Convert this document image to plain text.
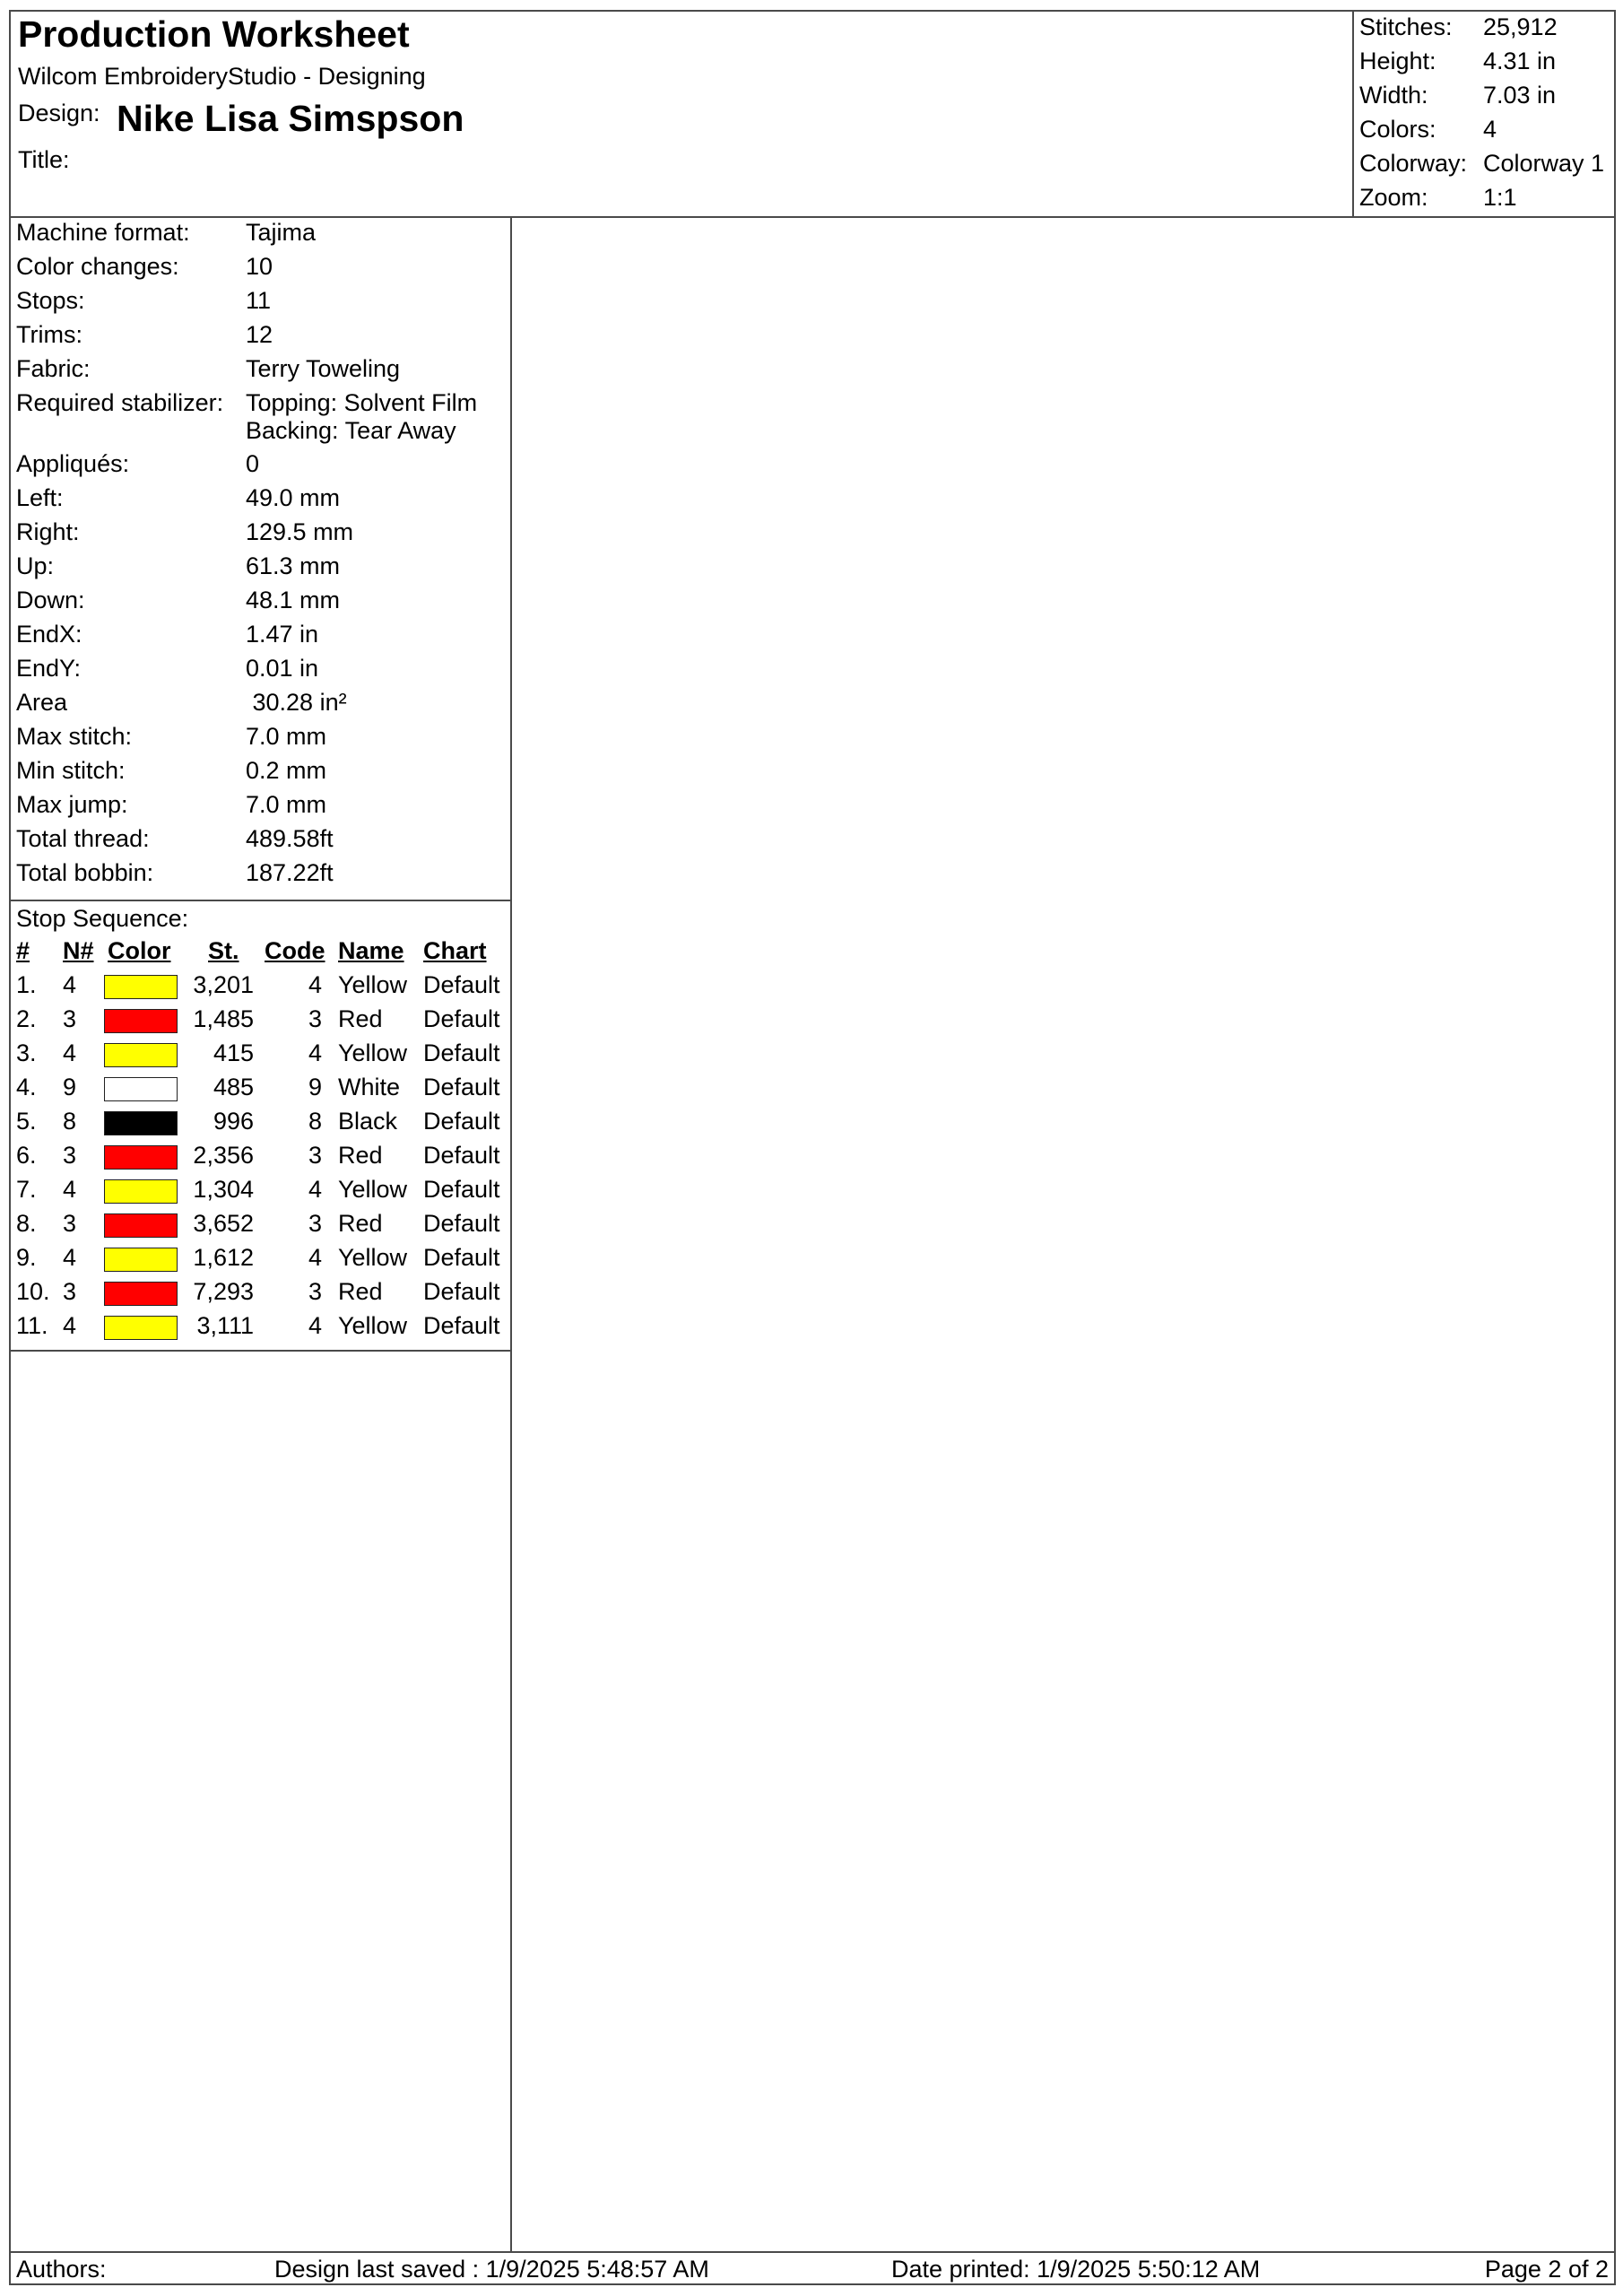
Production Worksheet
Wilcom EmbroideryStudio - Designing
Design: Nike Lisa Simspson
Title:
Stitches: 25,912
Height: 4.31 in
Width: 7.03 in
Colors: 4
Colorway: Colorway 1
Zoom: 1:1
Machine format: Tajima
Color changes:	10
Stops:	11
Trims:	12
Fabric:	Terry Toweling
Required stabilizer: Topping: Solvent Film
Backing: Tear Away
Appliqués:	0
Left:	49.0 mm
Right:	129.5 mm
Up:	61.3 mm
Down:	48.1 mm
EndX:	1.47 in
EndY:	0.01 in
Area	30.28 in²
Max stitch:	7.0 mm
Min stitch:	0.2 mm
Max jump:	7.0 mm
Total thread:	489.58ft
Total bobbin:	187.22ft
Stop Sequence:
# N# Color St. Code Name Chart
1. 4	3,201 4 Yellow Default
2. 3	1,485 3 Red Default
3. 4	415 4 Yellow Default
4. 9	485 9 White Default
5. 8	996 8 Black Default
6. 3	2,356 3 Red Default
7. 4	1,304 4 Yellow Default
8. 3	3,652 3 Red Default
9. 4	1,612 4 Yellow Default
10. 3	7,293 3 Red Default
11. 4	3,111 4 Yellow Default
Authors:	Design last saved : 1/9/2025 5:48:57 AM	Date printed: 1/9/2025 5:50:12 AM	Page 2 of 2
